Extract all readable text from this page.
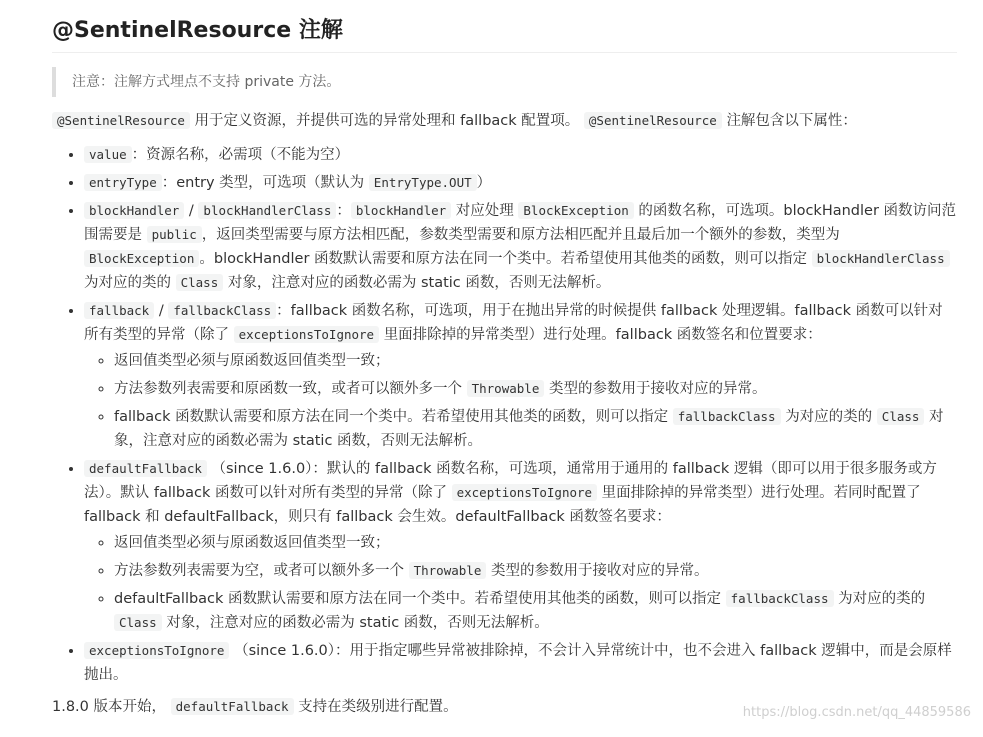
@SentinelResource 注解
注意：注解方式埋点不支持 private 方法。

@SentinelResource 用于定义资源，并提供可选的异常处理和 fallback 配置项。 @SentinelResource 注解包含以下属性：

• value ：资源名称，必需项（不能为空）
• entryType ：entry 类型，可选项（默认为 EntryType.OUT ）
• blockHandler / blockHandlerClass ： blockHandler 对应处理 BlockException 的函数名称，可选项。blockHandler 函数访问范围需要是 public ，返回类型需要与原方法相匹配，参数类型需要和原方法相匹配并且最后加一个额外的参数，类型为 BlockException 。blockHandler 函数默认需要和原方法在同一个类中。若希望使用其他类的函数，则可以指定 blockHandlerClass 为对应的类的 Class 对象，注意对应的函数必需为 static 函数，否则无法解析。
• fallback / fallbackClass ：fallback 函数名称，可选项，用于在抛出异常的时候提供 fallback 处理逻辑。fallback 函数可以针对所有类型的异常（除了 exceptionsToIgnore 里面排除掉的异常类型）进行处理。fallback 函数签名和位置要求：
◦ 返回值类型必须与原函数返回值类型一致；
◦ 方法参数列表需要和原函数一致，或者可以额外多一个 Throwable 类型的参数用于接收对应的异常。
◦ fallback 函数默认需要和原方法在同一个类中。若希望使用其他类的函数，则可以指定 fallbackClass 为对应的类的 Class 对象，注意对应的函数必需为 static 函数，否则无法解析。
• defaultFallback （since 1.6.0）：默认的 fallback 函数名称，可选项，通常用于通用的 fallback 逻辑（即可以用于很多服务或方法）。默认 fallback 函数可以针对所有类型的异常（除了 exceptionsToIgnore 里面排除掉的异常类型）进行处理。若同时配置了 fallback 和 defaultFallback，则只有 fallback 会生效。defaultFallback 函数签名要求：
◦ 返回值类型必须与原函数返回值类型一致；
◦ 方法参数列表需要为空，或者可以额外多一个 Throwable 类型的参数用于接收对应的异常。
◦ defaultFallback 函数默认需要和原方法在同一个类中。若希望使用其他类的函数，则可以指定 fallbackClass 为对应的类的 Class 对象，注意对应的函数必需为 static 函数，否则无法解析。
• exceptionsToIgnore （since 1.6.0）：用于指定哪些异常被排除掉，不会计入异常统计中，也不会进入 fallback 逻辑中，而是会原样抛出。

1.8.0 版本开始， defaultFallback 支持在类级别进行配置。	https://blog.csdn.net/qq_44859586
